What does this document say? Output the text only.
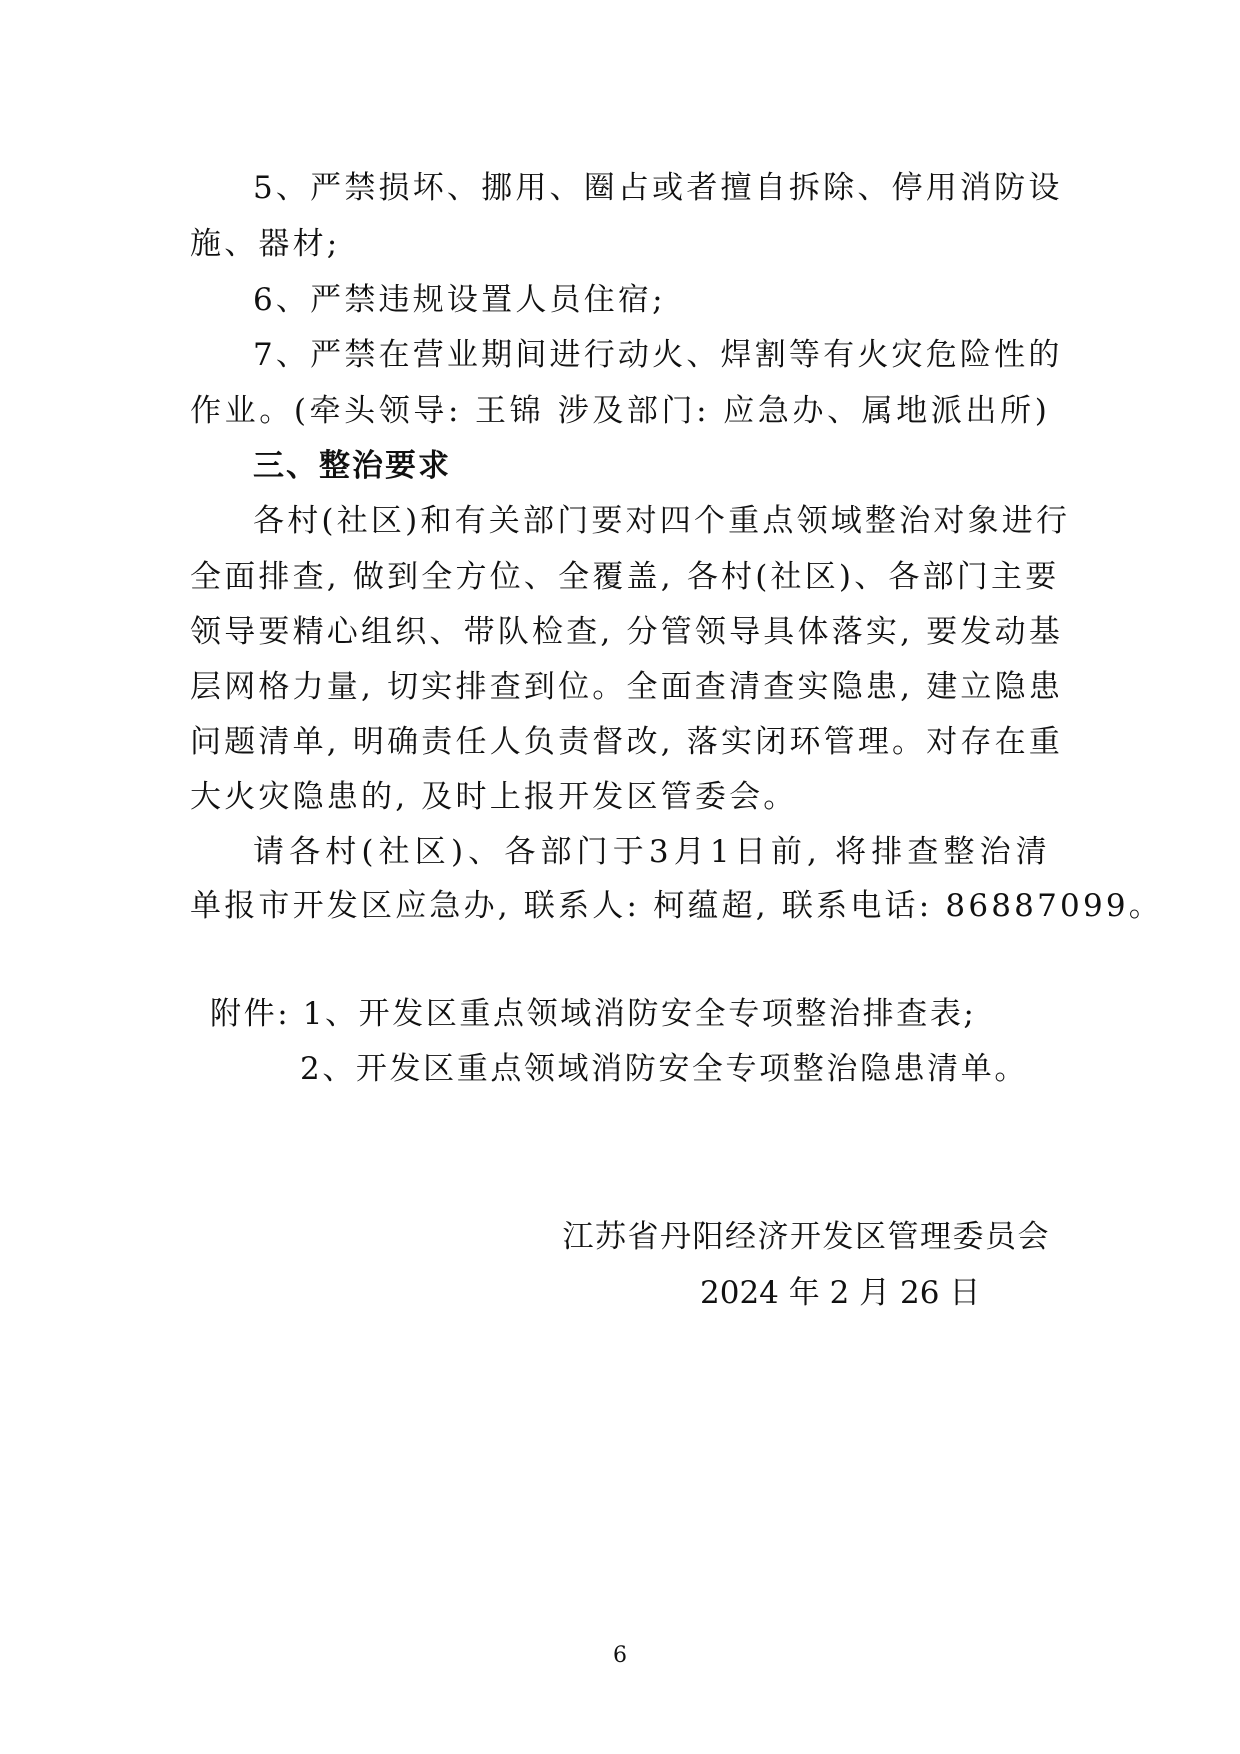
5、严禁损坏、挪用、圈占或者擅自拆除、停用消防设
施、器材;
6、严禁违规设置人员住宿;
7、严禁在营业期间进行动火、焊割等有火灾危险性的
作业。(牵头领导: 王锦 涉及部门: 应急办、属地派出所)
三、整治要求
各村(社区)和有关部门要对四个重点领域整治对象进行
全面排查, 做到全方位、全覆盖, 各村(社区)、各部门主要
领导要精心组织、带队检查, 分管领导具体落实, 要发动基
层网格力量, 切实排查到位。全面查清查实隐患, 建立隐患
问题清单, 明确责任人负责督改, 落实闭环管理。对存在重
大火灾隐患的, 及时上报开发区管委会。
请各村(社区)、各部门于3月1日前, 将排查整治清
单报市开发区应急办, 联系人: 柯蕴超, 联系电话: 86887099。
附件: 1、开发区重点领域消防安全专项整治排查表;
2、开发区重点领域消防安全专项整治隐患清单。
江苏省丹阳经济开发区管理委员会
2024 年 2 月 26 日
6
